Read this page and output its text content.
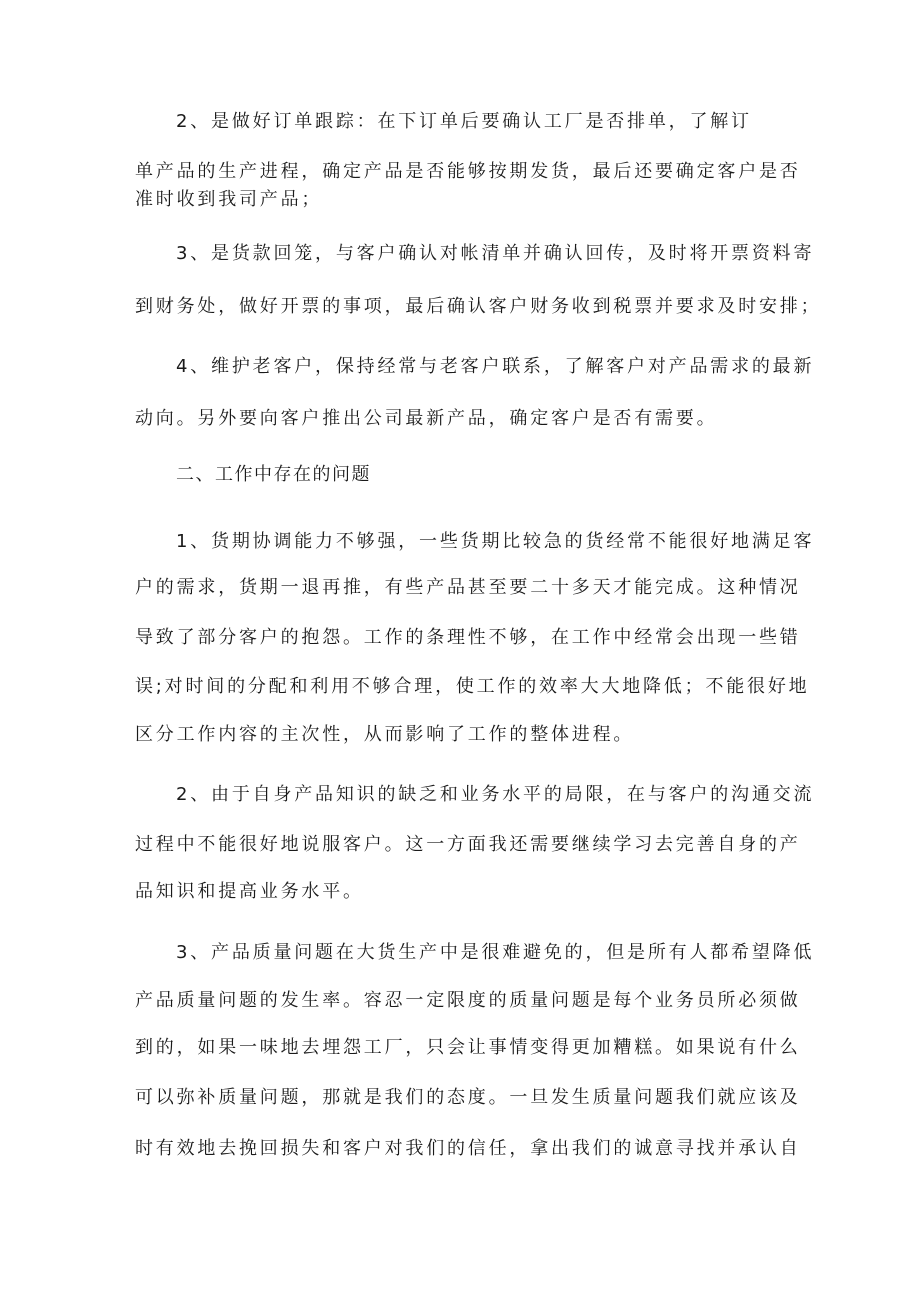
2、是做好订单跟踪：在下订单后要确认工厂是否排单，了解订
单产品的生产进程，确定产品是否能够按期发货，最后还要确定客户是否
准时收到我司产品；
3、是货款回笼，与客户确认对帐清单并确认回传，及时将开票资料寄
到财务处，做好开票的事项，最后确认客户财务收到税票并要求及时安排；
4、维护老客户，保持经常与老客户联系，了解客户对产品需求的最新
动向。另外要向客户推出公司最新产品，确定客户是否有需要。
二、工作中存在的问题
1、货期协调能力不够强，一些货期比较急的货经常不能很好地满足客
户的需求，货期一退再推，有些产品甚至要二十多天才能完成。这种情况
导致了部分客户的抱怨。工作的条理性不够，在工作中经常会出现一些错
误;对时间的分配和利用不够合理，使工作的效率大大地降低；不能很好地
区分工作内容的主次性，从而影响了工作的整体进程。
2、由于自身产品知识的缺乏和业务水平的局限，在与客户的沟通交流
过程中不能很好地说服客户。这一方面我还需要继续学习去完善自身的产
品知识和提高业务水平。
3、产品质量问题在大货生产中是很难避免的，但是所有人都希望降低
产品质量问题的发生率。容忍一定限度的质量问题是每个业务员所必须做
到的，如果一味地去埋怨工厂，只会让事情变得更加糟糕。如果说有什么
可以弥补质量问题，那就是我们的态度。一旦发生质量问题我们就应该及
时有效地去挽回损失和客户对我们的信任，拿出我们的诚意寻找并承认自
